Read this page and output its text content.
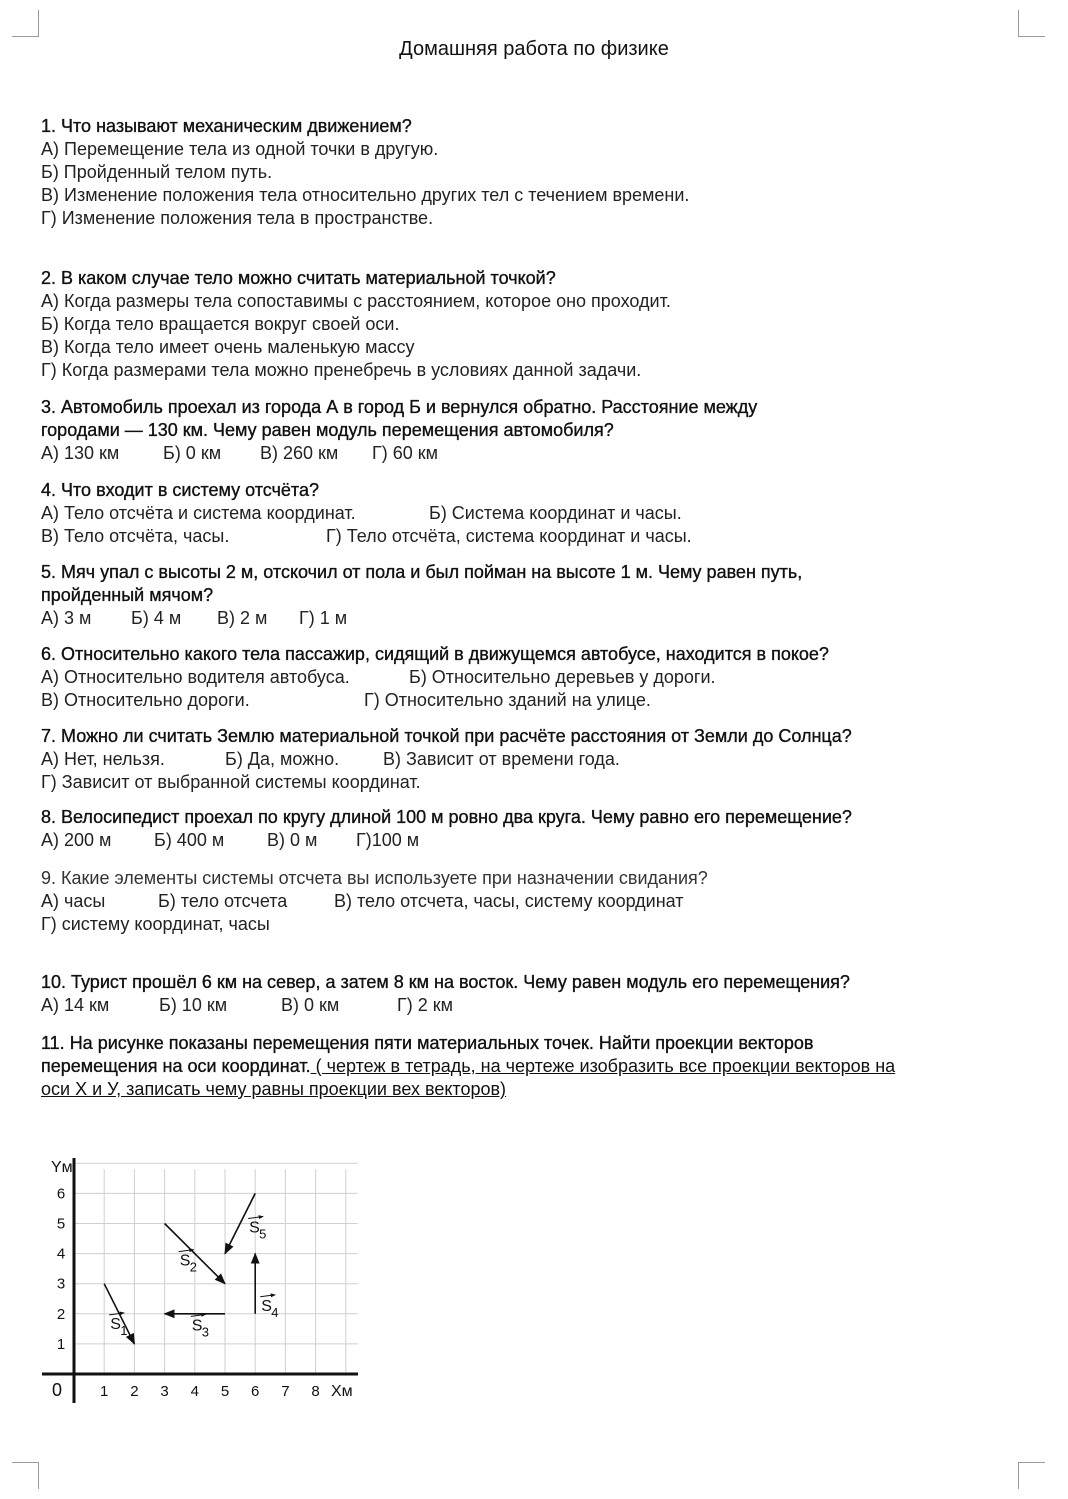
Домашняя работа по физике
1. Что называют механическим движением?
А) Перемещение тела из одной точки в другую.
Б) Пройденный телом путь.
В) Изменение положения тела относительно других тел с течением времени.
Г) Изменение положения тела в пространстве.
2. В каком случае тело можно считать материальной точкой?
А) Когда размеры тела сопоставимы с расстоянием, которое оно проходит.
Б) Когда тело вращается вокруг своей оси.
В) Когда тело имеет очень маленькую массу
Г) Когда размерами тела можно пренебречь в условиях данной задачи.
3. Автомобиль проехал из города А в город Б и вернулся обратно. Расстояние между
городами — 130 км. Чему равен модуль перемещения автомобиля?
А) 130 км Б) 0 км В) 260 км Г) 60 км
4. Что входит в систему отсчёта?
А) Тело отсчёта и система координат.	Б) Система координат и часы.
В) Тело отсчёта, часы.	Г) Тело отсчёта, система координат и часы.
5. Мяч упал с высоты 2 м, отскочил от пола и был пойман на высоте 1 м. Чему равен путь,
пройденный мячом?
А) 3 м Б) 4 м В) 2 м Г) 1 м
6. Относительно какого тела пассажир, сидящий в движущемся автобусе, находится в покое?
А) Относительно водителя автобуса.	Б) Относительно деревьев у дороги.
В) Относительно дороги.	Г) Относительно зданий на улице.
7. Можно ли считать Землю материальной точкой при расчёте расстояния от Земли до Солнца?
А) Нет, нельзя.	Б) Да, можно. В) Зависит от времени года.
Г) Зависит от выбранной системы координат.
8. Велосипедист проехал по кругу длиной 100 м ровно два круга. Чему равно его перемещение?
А) 200 м Б) 400 м В) 0 м Г)100 м
9. Какие элементы системы отсчета вы используете при назначении свидания?
А) часы	Б) тело отсчета	В) тело отсчета, часы, систему координат
Г) систему координат, часы
10. Турист прошёл 6 км на север, а затем 8 км на восток. Чему равен модуль его перемещения?
А) 14 км	Б) 10 км	В) 0 км	Г) 2 км
11. На рисунке показаны перемещения пяти материальных точек. Найти проекции векторов
перемещения на оси координат. ( чертеж в тетрадь, на чертеже изобразить все проекции векторов на
оси Х и У, записать чему равны проекции вех векторов)
Хм
Yм
0	1 2 3 4 5 6 7 8
1
2
3
4
5
6
S 1
S 2
S 3
S 4
S 5
